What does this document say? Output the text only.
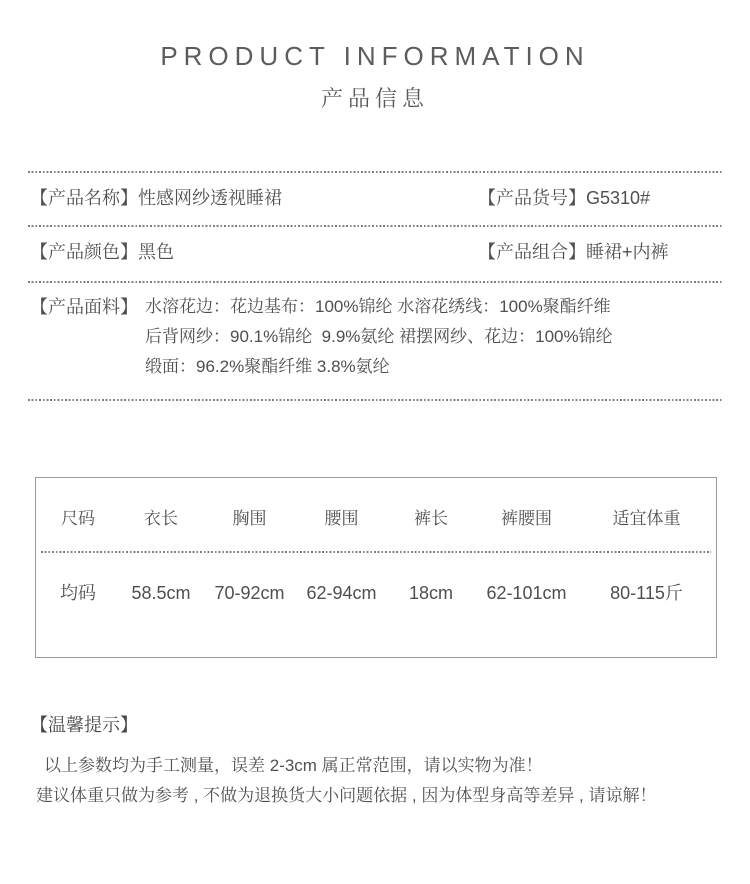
PRODUCT INFORMATION
产品信息
【产品名称】性感网纱透视睡裙	【产品货号】G5310#
【产品颜色】黑色	【产品组合】睡裙+内裤
【产品面料】 水溶花边：花边基布：100%锦纶 水溶花绣线：100%聚酯纤维
后背网纱：90.1%锦纶  9.9%氨纶 裙摆网纱、花边：100%锦纶
缎面：96.2%聚酯纤维 3.8%氨纶
尺码	衣长	胸围	腰围	裤长	裤腰围	适宜体重
均码	58.5cm	70-92cm	62-94cm	18cm	62-101cm	80-115斤
【温馨提示】
以上参数均为手工测量，误差 2-3cm 属正常范围，请以实物为准！
建议体重只做为参考 , 不做为退换货大小问题依据 , 因为体型身高等差异 , 请谅解！
